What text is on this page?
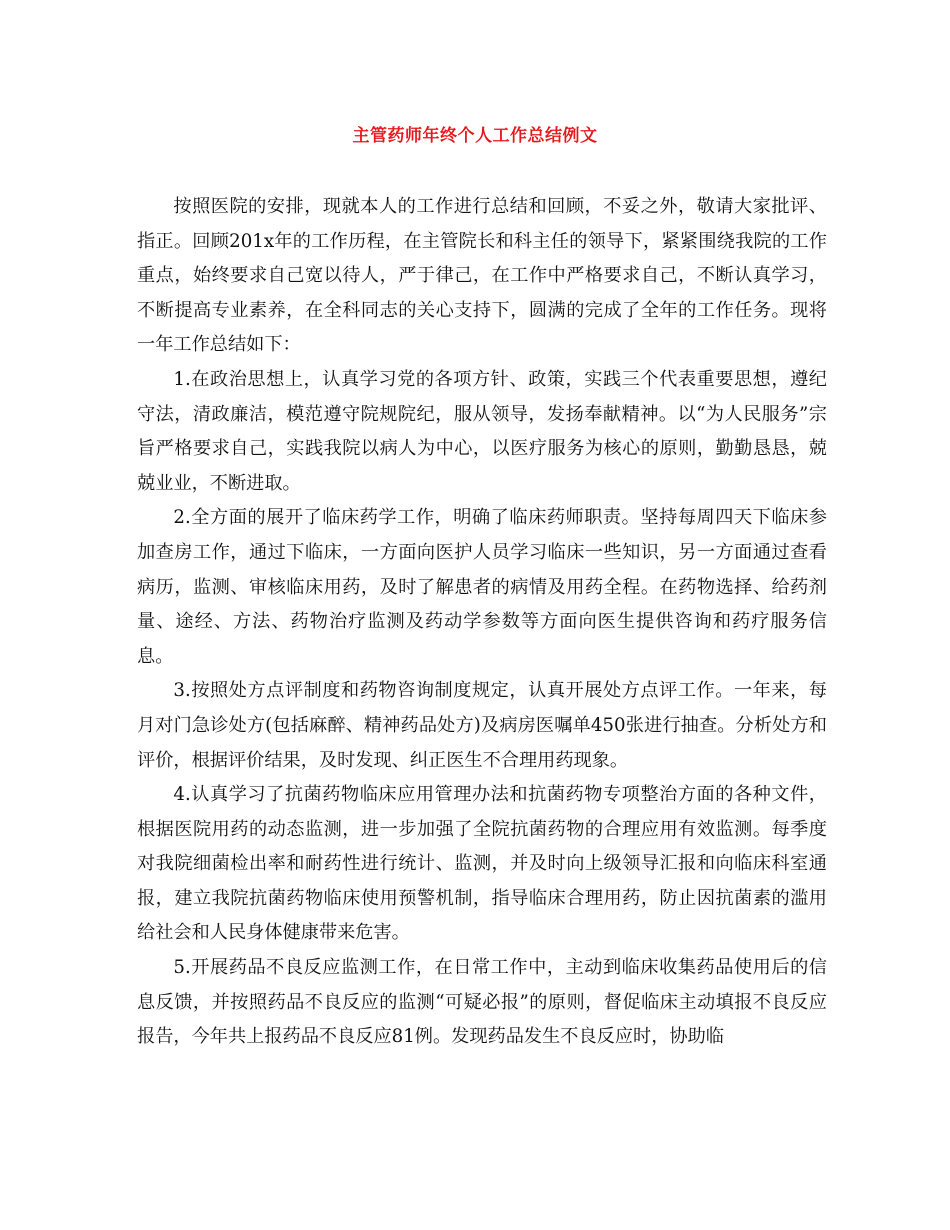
主管药师年终个人工作总结例文

按照医院的安排，现就本人的工作进行总结和回顾，不妥之外，敬请大家批评、指正。回顾201x年的工作历程，在主管院长和科主任的领导下，紧紧围绕我院的工作重点，始终要求自己宽以待人，严于律己，在工作中严格要求自己，不断认真学习，不断提高专业素养，在全科同志的关心支持下，圆满的完成了全年的工作任务。现将一年工作总结如下：

1.在政治思想上，认真学习党的各项方针、政策，实践三个代表重要思想，遵纪守法，清政廉洁，模范遵守院规院纪，服从领导，发扬奉献精神。以“为人民服务”宗旨严格要求自己，实践我院以病人为中心，以医疗服务为核心的原则，勤勤恳恳，兢兢业业，不断进取。

2.全方面的展开了临床药学工作，明确了临床药师职责。坚持每周四天下临床参加查房工作，通过下临床，一方面向医护人员学习临床一些知识，另一方面通过查看病历，监测、审核临床用药，及时了解患者的病情及用药全程。在药物选择、给药剂量、途经、方法、药物治疗监测及药动学参数等方面向医生提供咨询和药疗服务信息。

3.按照处方点评制度和药物咨询制度规定，认真开展处方点评工作。一年来，每月对门急诊处方(包括麻醉、精神药品处方)及病房医嘱单450张进行抽查。分析处方和评价，根据评价结果，及时发现、纠正医生不合理用药现象。

4.认真学习了抗菌药物临床应用管理办法和抗菌药物专项整治方面的各种文件，根据医院用药的动态监测，进一步加强了全院抗菌药物的合理应用有效监测。每季度对我院细菌检出率和耐药性进行统计、监测，并及时向上级领导汇报和向临床科室通报，建立我院抗菌药物临床使用预警机制，指导临床合理用药，防止因抗菌素的滥用给社会和人民身体健康带来危害。

5.开展药品不良反应监测工作，在日常工作中，主动到临床收集药品使用后的信息反馈，并按照药品不良反应的监测“可疑必报”的原则，督促临床主动填报不良反应报告，今年共上报药品不良反应81例。发现药品发生不良反应时，协助临
